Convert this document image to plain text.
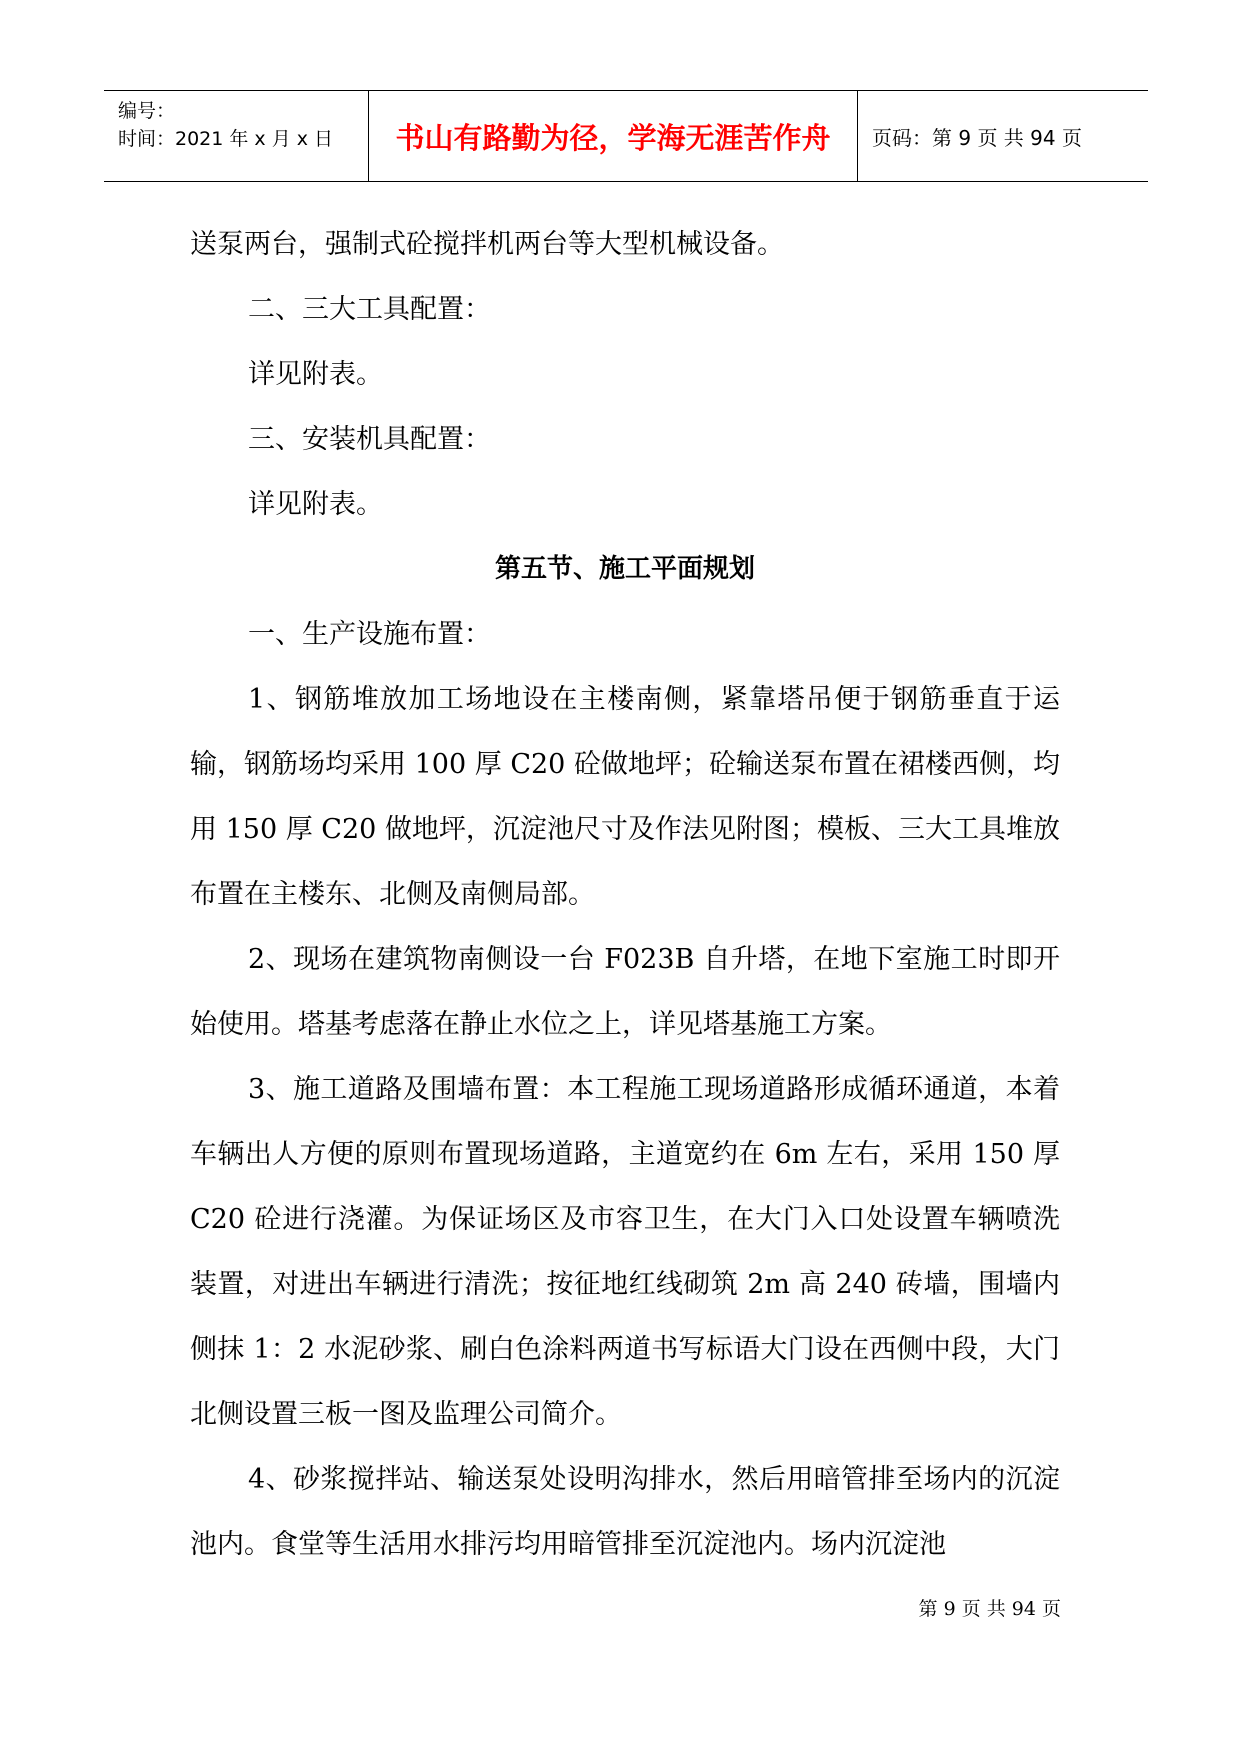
编号：
时间：2021 年 x 月 x 日	书山有路勤为径，学海无涯苦作舟	页码：第 9 页 共 94 页

送泵两台，强制式砼搅拌机两台等大型机械设备。

二、三大工具配置：

详见附表。

三、安装机具配置：

详见附表。

第五节、施工平面规划

一、生产设施布置：

1、钢筋堆放加工场地设在主楼南侧，紧靠塔吊便于钢筋垂直于运输，钢筋场均采用 100 厚 C20 砼做地坪；砼输送泵布置在裙楼西侧，均用 150 厚 C20 做地坪，沉淀池尺寸及作法见附图；模板、三大工具堆放布置在主楼东、北侧及南侧局部。

2、现场在建筑物南侧设一台 F023B 自升塔，在地下室施工时即开始使用。塔基考虑落在静止水位之上，详见塔基施工方案。

3、施工道路及围墙布置：本工程施工现场道路形成循环通道，本着车辆出人方便的原则布置现场道路，主道宽约在 6m 左右，采用 150 厚 C20 砼进行浇灌。为保证场区及市容卫生，在大门入口处设置车辆喷洗装置，对进出车辆进行清洗；按征地红线砌筑 2m 高 240 砖墙，围墙内侧抹 1：2 水泥砂浆、刷白色涂料两道书写标语大门设在西侧中段，大门北侧设置三板一图及监理公司简介。

4、砂浆搅拌站、输送泵处设明沟排水，然后用暗管排至场内的沉淀池内。食堂等生活用水排污均用暗管排至沉淀池内。场内沉淀池

第 9 页 共 94 页
